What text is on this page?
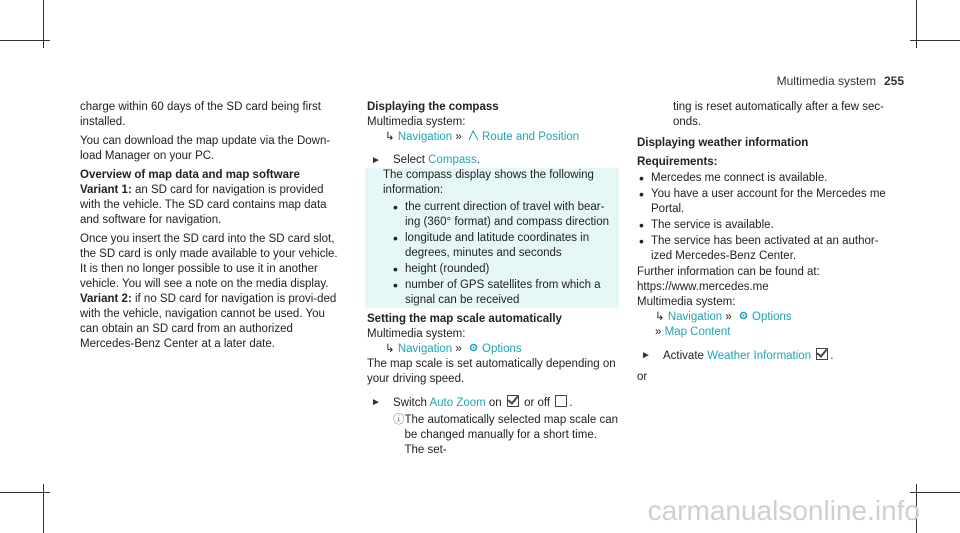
Multimedia system 255

charge within 60 days of the SD card being first installed.

You can download the map update via the Down‐load Manager on your PC.

Overview of map data and map software

Variant 1: an SD card for navigation is provided with the vehicle. The SD card contains map data and software for navigation.

Once you insert the SD card into the SD card slot, the SD card is only made available to your vehicle. It is then no longer possible to use it in another vehicle. You will see a note on the media display.

Variant 2: if no SD card for navigation is provi‐ded with the vehicle, navigation cannot be used. You can obtain an SD card from an authorized Mercedes-Benz Center at a later date.

Displaying the compass

Multimedia system:

↳ Navigation » Route and Position

►	Select Compass.

The compass display shows the following information:

• the current direction of travel with bear‐ing (360° format) and compass direction
• longitude and latitude coordinates in degrees, minutes and seconds
• height (rounded)
• number of GPS satellites from which a signal can be received

Setting the map scale automatically

Multimedia system:

↳ Navigation » Options

The map scale is set automatically depending on your driving speed.

►	Switch Auto Zoom on  or off .

ⓘ The automatically selected map scale can be changed manually for a short time. The set‐

ting is reset automatically after a few sec‐onds.

Displaying weather information

Requirements:

• Mercedes me connect is available.
• You have a user account for the Mercedes me Portal.
• The service is available.
• The service has been activated at an author‐ized Mercedes-Benz Center.

Further information can be found at: https://www.mercedes.me

Multimedia system:

↳ Navigation » Options

» Map Content

►	Activate Weather Information .

or

carmanualsonline.info
